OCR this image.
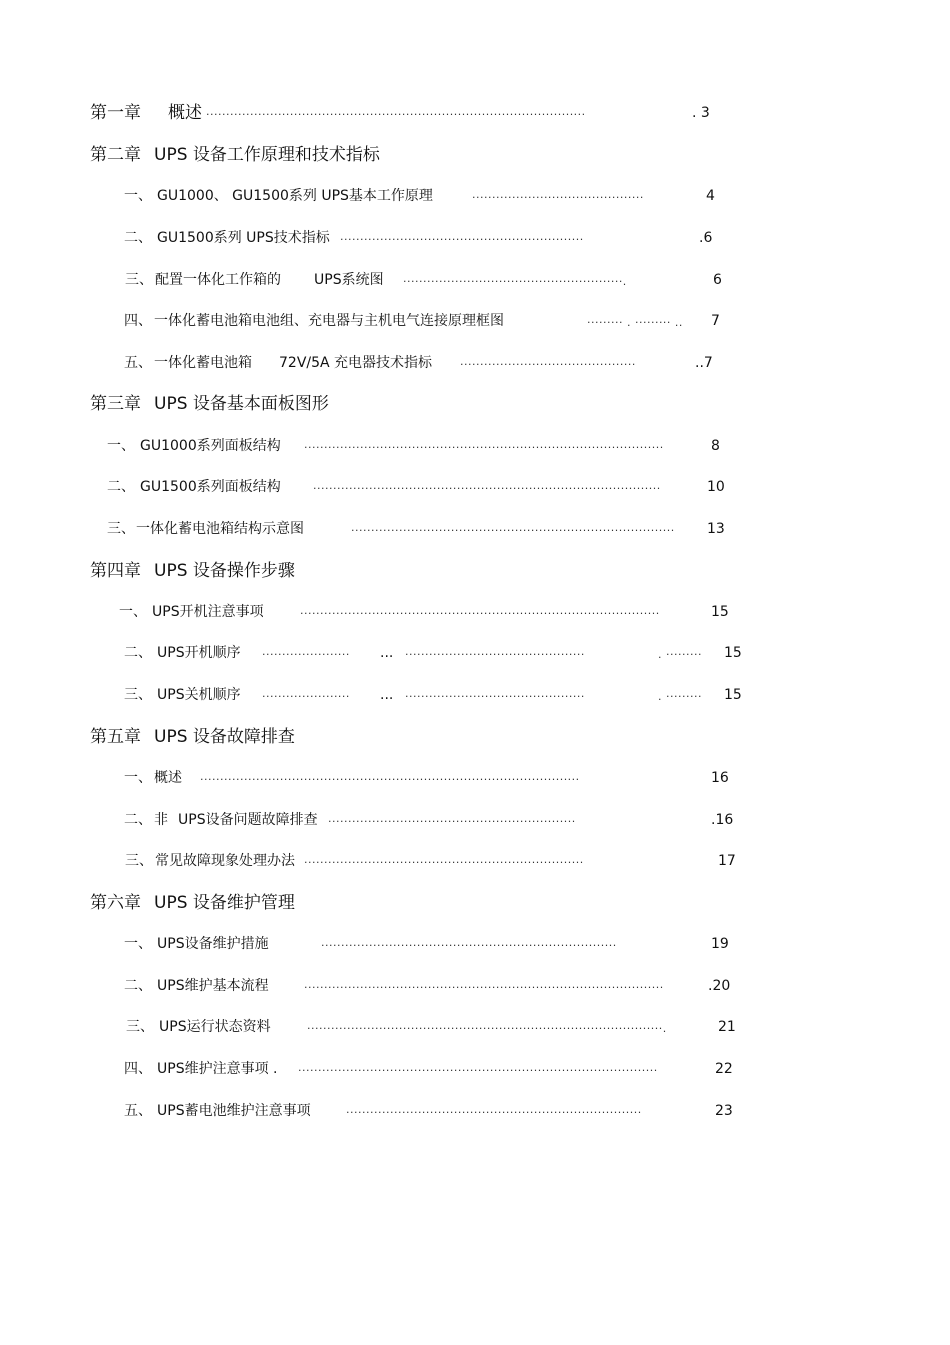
第一章 概述 ·······························································································	. 3
第二章 UPS 设备工作原理和技术指标
一、 GU1000、 GU1500系列 UPS基本工作原理	···········································	4
二、 GU1500系列 UPS技术指标 ·····························································	.6
三、 配置一体化工作箱的 UPS系统图 ·······················································.	6
四、 一体化蓄电池箱电池组、充电器与主机电气连接原理框图	········· . ········· .. 7
五、 一体化蓄电池箱 72V/5A 充电器技术指标	············································	..7
第三章 UPS 设备基本面板图形
一、 GU1000系列面板结构 ··························································································	8
二、 GU1500系列面板结构	·······················································································	10
三、 一体化蓄电池箱结构示意图	················································································· 13
第四章 UPS 设备操作步骤
一、 UPS开机注意事项	··························································································	15
二、 UPS开机顺序 ······················ ... ·············································	. ········· 15
三、 UPS关机顺序 ······················ ... ·············································	. ········· 15
第五章 UPS 设备故障排查
一、 概述 ·······························································································	16
二、 非 UPS设备问题故障排查 ······························································	.16
三、 常见故障现象处理办法 ······································································	17
第六章 UPS 设备维护管理
一、 UPS设备维护措施	··········································································	19
二、 UPS维护基本流程	··························································································	.20
三、 UPS运行状态资料	·························································································.	21
四、 UPS维护注意事项 . ··························································································	22
五、 UPS蓄电池维护注意事项	··········································································	23
